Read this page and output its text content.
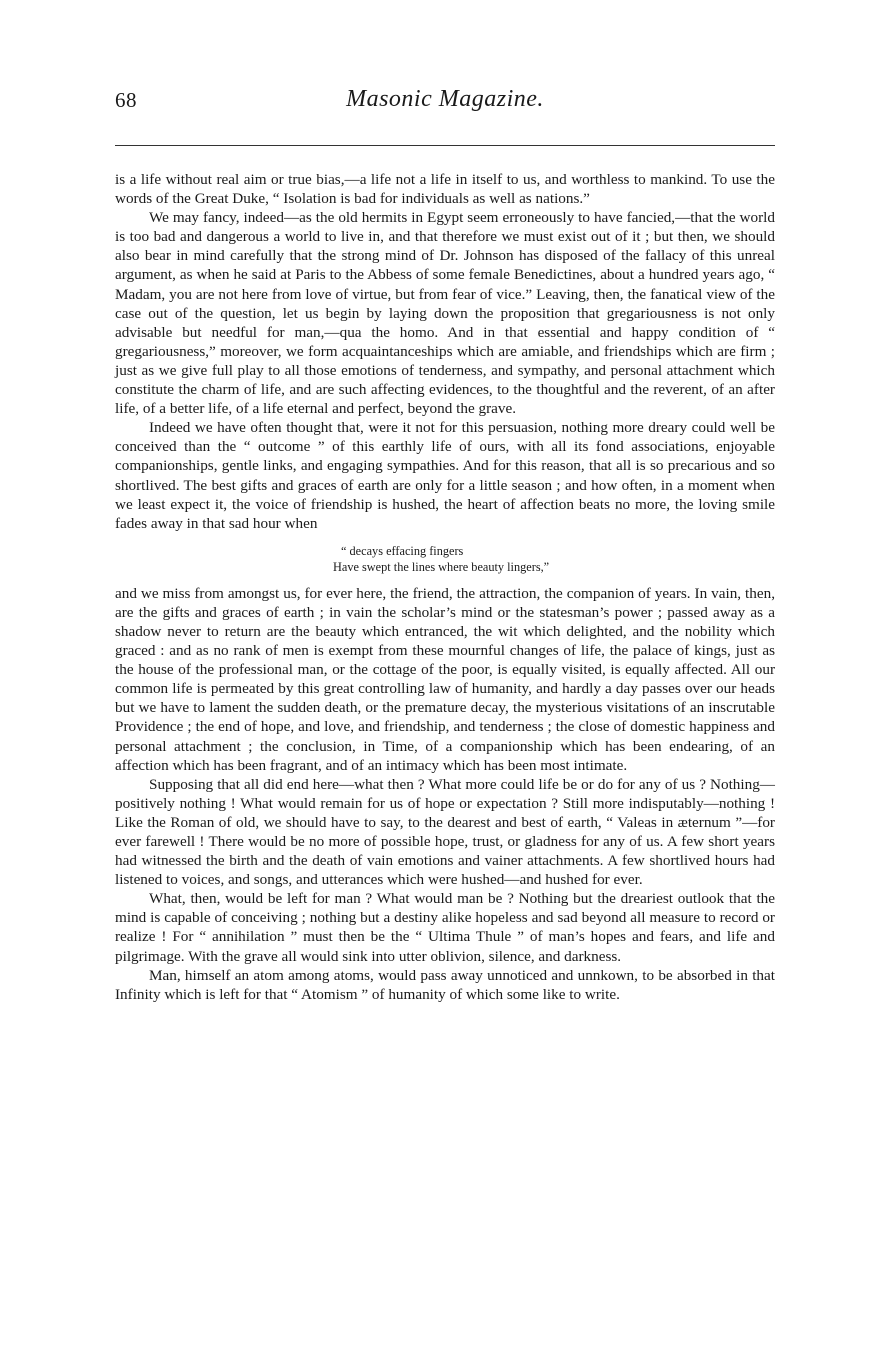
68	Masonic Magazine.

is a life without real aim or true bias,—a life not a life in itself to us, and worthless to mankind. To use the words of the Great Duke, “ Isolation is bad for individuals as well as nations.”

We may fancy, indeed—as the old hermits in Egypt seem erroneously to have fancied,—that the world is too bad and dangerous a world to live in, and that therefore we must exist out of it ; but then, we should also bear in mind carefully that the strong mind of Dr. Johnson has disposed of the fallacy of this unreal argument, as when he said at Paris to the Abbess of some female Benedictines, about a hundred years ago, “ Madam, you are not here from love of virtue, but from fear of vice.” Leaving, then, the fanatical view of the case out of the question, let us begin by laying down the proposition that gregariousness is not only advisable but needful for man,—qua the homo. And in that essential and happy condition of “ gregariousness,” moreover, we form acquaintanceships which are amiable, and friendships which are firm ; just as we give full play to all those emotions of tenderness, and sympathy, and personal attachment which constitute the charm of life, and are such affecting evidences, to the thoughtful and the reverent, of an after life, of a better life, of a life eternal and perfect, beyond the grave.

Indeed we have often thought that, were it not for this persuasion, nothing more dreary could well be conceived than the “ outcome ” of this earthly life of ours, with all its fond associations, enjoyable companionships, gentle links, and engaging sympathies. And for this reason, that all is so precarious and so shortlived. The best gifts and graces of earth are only for a little season ; and how often, in a moment when we least expect it, the voice of friendship is hushed, the heart of affection beats no more, the loving smile fades away in that sad hour when

“ decays effacing fingers
Have swept the lines where beauty lingers,”

and we miss from amongst us, for ever here, the friend, the attraction, the companion of years. In vain, then, are the gifts and graces of earth ; in vain the scholar’s mind or the statesman’s power ; passed away as a shadow never to return are the beauty which entranced, the wit which delighted, and the nobility which graced : and as no rank of men is exempt from these mournful changes of life, the palace of kings, just as the house of the professional man, or the cottage of the poor, is equally visited, is equally affected. All our common life is permeated by this great controlling law of humanity, and hardly a day passes over our heads but we have to lament the sudden death, or the premature decay, the mysterious visitations of an inscrutable Providence ; the end of hope, and love, and friendship, and tenderness ; the close of domestic happiness and personal attachment ; the conclusion, in Time, of a companionship which has been endearing, of an affection which has been fragrant, and of an intimacy which has been most intimate.

Supposing that all did end here—what then ? What more could life be or do for any of us ? Nothing—positively nothing ! What would remain for us of hope or expectation ? Still more indisputably—nothing ! Like the Roman of old, we should have to say, to the dearest and best of earth, “ Valeas in æternum ”—for ever farewell ! There would be no more of possible hope, trust, or gladness for any of us. A few short years had witnessed the birth and the death of vain emotions and vainer attachments. A few shortlived hours had listened to voices, and songs, and utterances which were hushed—and hushed for ever.

What, then, would be left for man ? What would man be ? Nothing but the dreariest outlook that the mind is capable of conceiving ; nothing but a destiny alike hopeless and sad beyond all measure to record or realize ! For “ annihilation ” must then be the “ Ultima Thule ” of man’s hopes and fears, and life and pilgrimage. With the grave all would sink into utter oblivion, silence, and darkness.

Man, himself an atom among atoms, would pass away unnoticed and unnkown, to be absorbed in that Infinity which is left for that “ Atomism ” of humanity of which some like to write.
